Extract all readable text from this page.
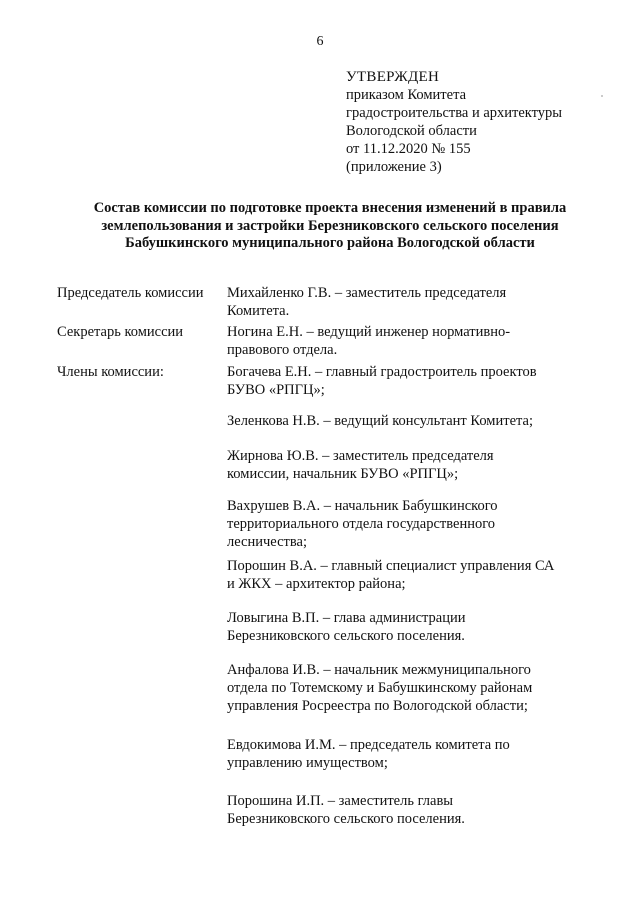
6
УТВЕРЖДЕН
приказом Комитета
градостроительства и архитектуры
Вологодской области
от 11.12.2020 № 155
(приложение 3)
Состав комиссии по подготовке проекта внесения изменений в правила
землепользования и застройки Березниковского сельского поселения
Бабушкинского муниципального района Вологодской области
Председатель комиссии Михайленко Г.В. – заместитель председателя
Комитета.
Секретарь комиссии	Ногина Е.Н. – ведущий инженер нормативно-
правового отдела.
Члены комиссии:	Богачева Е.Н. – главный градостроитель проектов
БУВО «РПГЦ»;
Зеленкова Н.В. – ведущий консультант Комитета;
Жирнова Ю.В. – заместитель председателя
комиссии, начальник БУВО «РПГЦ»;
Вахрушев В.А. – начальник Бабушкинского
территориального отдела государственного
лесничества;
Порошин В.А. – главный специалист управления СА
и ЖКХ – архитектор района;
Ловыгина В.П. – глава администрации
Березниковского сельского поселения.
Анфалова И.В. – начальник межмуниципального
отдела по Тотемскому и Бабушкинскому районам
управления Росреестра по Вологодской области;
Евдокимова И.М. – председатель комитета по
управлению имуществом;
Порошина И.П. – заместитель главы
Березниковского сельского поселения.
